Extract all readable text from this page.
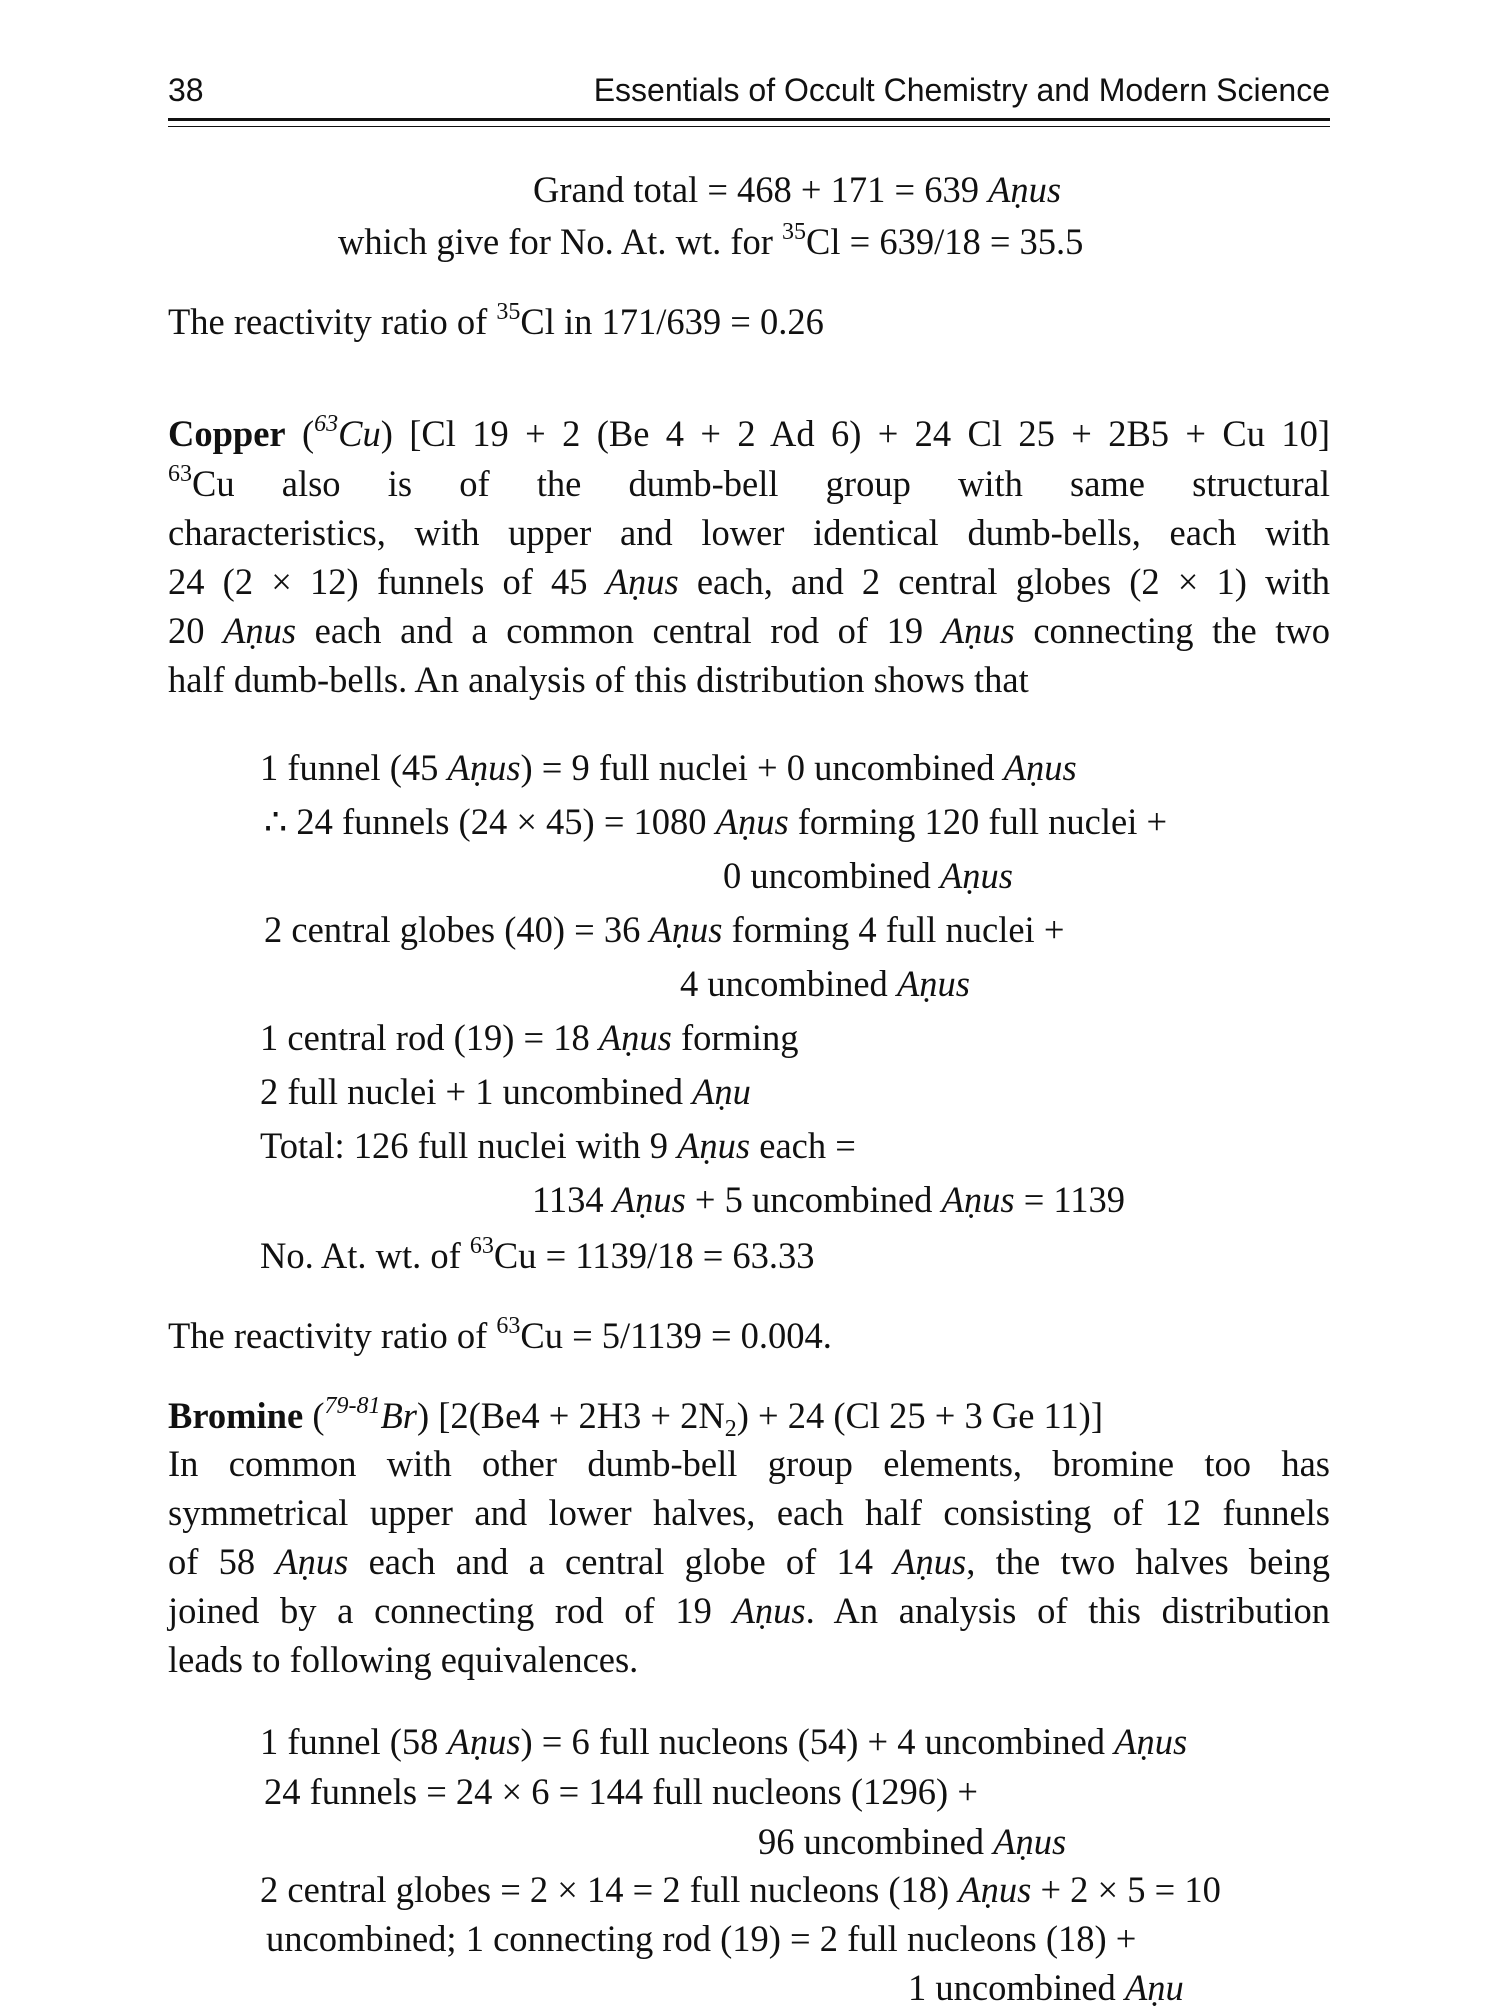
38	Essentials of Occult Chemistry and Modern Science
Grand total = 468 + 171 = 639 Aṇus
which give for No. At. wt. for $^{35}$Cl = 639/18 = 35.5
The reactivity ratio of $^{35}$Cl in 171/639 = 0.26
Copper ($^{63}$Cu) [Cl 19 + 2 (Be 4 + 2 Ad 6) + 24 Cl 25 + 2B5 + Cu 10]
$^{63}$Cu also is of the dumb-bell group with same structural
characteristics, with upper and lower identical dumb-bells, each with
24 (2 × 12) funnels of 45 Aṇus each, and 2 central globes (2 × 1) with
20 Aṇus each and a common central rod of 19 Aṇus connecting the two
half dumb-bells. An analysis of this distribution shows that
1 funnel (45 Aṇus) = 9 full nuclei + 0 uncombined Aṇus
∴ 24 funnels (24 × 45) = 1080 Aṇus forming 120 full nuclei +
0 uncombined Aṇus
2 central globes (40) = 36 Aṇus forming 4 full nuclei +
4 uncombined Aṇus
1 central rod (19) = 18 Aṇus forming
2 full nuclei + 1 uncombined Aṇu
Total: 126 full nuclei with 9 Aṇus each =
1134 Aṇus + 5 uncombined Aṇus = 1139
No. At. wt. of $^{63}$Cu = 1139/18 = 63.33
The reactivity ratio of $^{63}$Cu = 5/1139 = 0.004.
Bromine ($^{79-81}$Br) [$2(Be4 + 2H3 + 2N_2) + 24$ (Cl 25 + 3 Ge 11)]
In common with other dumb-bell group elements, bromine too has
symmetrical upper and lower halves, each half consisting of 12 funnels
of 58 Aṇus each and a central globe of 14 Aṇus, the two halves being
joined by a connecting rod of 19 Aṇus. An analysis of this distribution
leads to following equivalences.
1 funnel (58 Aṇus) = 6 full nucleons (54) + 4 uncombined Aṇus
24 funnels = 24 × 6 = 144 full nucleons (1296) +
96 uncombined Aṇus
2 central globes = 2 × 14 = 2 full nucleons (18) Aṇus + 2 × 5 = 10
uncombined; 1 connecting rod (19) = 2 full nucleons (18) +
1 uncombined Aṇu
